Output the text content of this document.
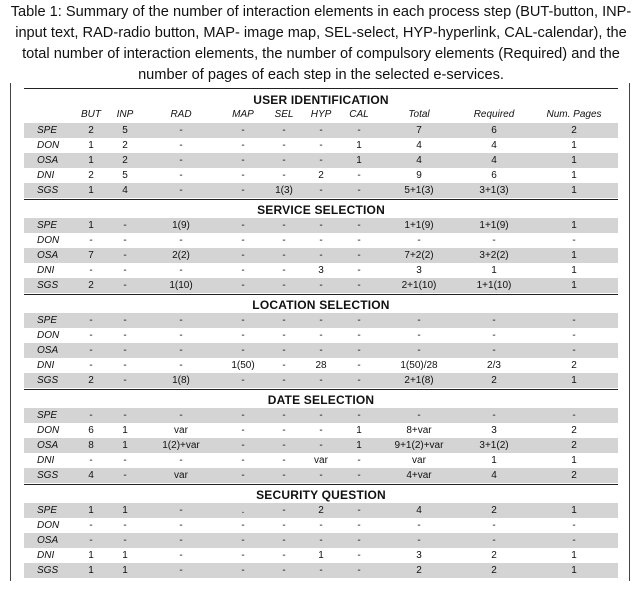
Table 1: Summary of the number of interaction elements in each process step (BUT-button, INP-input text, RAD-radio button, MAP- image map, SEL-select, HYP-hyperlink, CAL-calendar), the total number of interaction elements, the number of compulsory elements (Required) and the number of pages of each step in the selected e-services.
USER IDENTIFICATION
BUT	INP	RAD	MAP	SEL	HYP	CAL	Total	Required	Num. Pages
SPE	2	5	-	-	-	-	-	7	6	2
DON	1	2	-	-	-	-	1	4	4	1
OSA	1	2	-	-	-	-	1	4	4	1
DNI	2	5	-	-	-	2	-	9	6	1
SGS	1	4	-	-	1(3)	-	-	5+1(3)	3+1(3)	1
SERVICE SELECTION
SPE	1	-	1(9)	-	-	-	-	1+1(9)	1+1(9)	1
DON	-	-	-	-	-	-	-	-	-	-
OSA	7	-	2(2)	-	-	-	-	7+2(2)	3+2(2)	1
DNI	-	-	-	-	-	3	-	3	1	1
SGS	2	-	1(10)	-	-	-	-	2+1(10)	1+1(10)	1
LOCATION SELECTION
SPE	-	-	-	-	-	-	-	-	-	-
DON	-	-	-	-	-	-	-	-	-	-
OSA	-	-	-	-	-	-	-	-	-	-
DNI	-	-	-	1(50)	-	28	-	1(50)/28	2/3	2
SGS	2	-	1(8)	-	-	-	-	2+1(8)	2	1
DATE SELECTION
SPE	-	-	-	-	-	-	-	-	-	-
DON	6	1	var	-	-	-	1	8+var	3	2
OSA	8	1	1(2)+var	-	-	-	1	9+1(2)+var	3+1(2)	2
DNI	-	-	-	-	-	var	-	var	1	1
SGS	4	-	var	-	-	-	-	4+var	4	2
SECURITY QUESTION
SPE	1	1	-	.	-	2	-	4	2	1
DON	-	-	-	-	-	-	-	-	-	-
OSA	-	-	-	-	-	-	-	-	-	-
DNI	1	1	-	-	-	1	-	3	2	1
SGS	1	1	-	-	-	-	-	2	2	1
